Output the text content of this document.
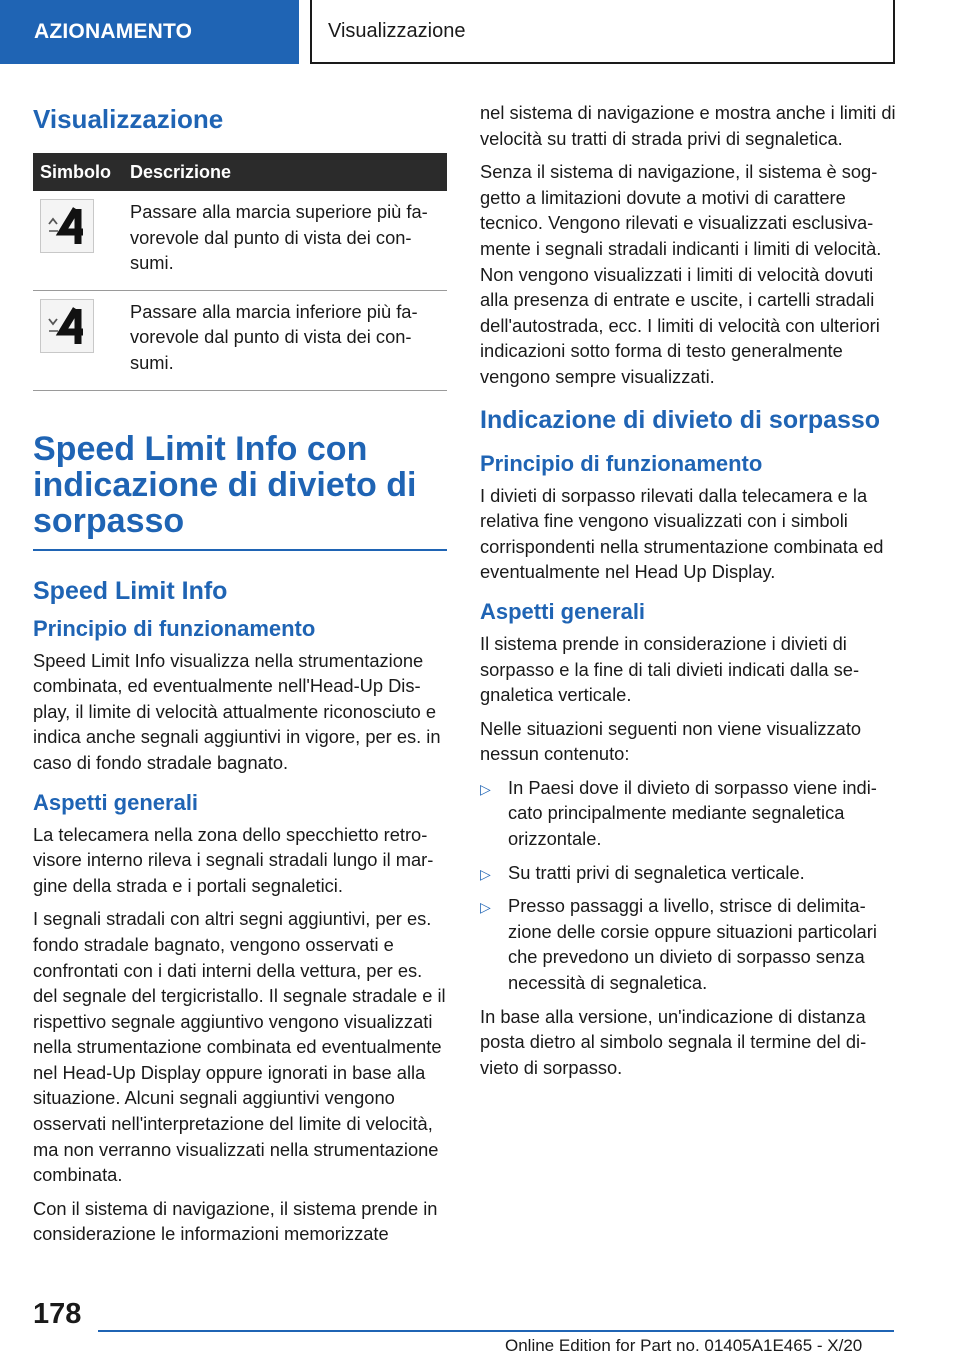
AZIONAMENTO	Visualizzazione
Visualizzazione
Simbolo	Descrizione

	Passare alla marcia superiore più favorevole dal punto di vista dei consumi.

	Passare alla marcia inferiore più favorevole dal punto di vista dei consumi.
Speed Limit Info con indicazione di divieto di sorpasso
Speed Limit Info
Principio di funzionamento

Speed Limit Info visualizza nella strumentazione combinata, ed eventualmente nell'Head-Up Display, il limite di velocità attualmente riconosciuto e indica anche segnali aggiuntivi in vigore, per es. in caso di fondo stradale bagnato.

Aspetti generali

La telecamera nella zona dello specchietto retrovisore interno rileva i segnali stradali lungo il margine della strada e i portali segnaletici.

I segnali stradali con altri segni aggiuntivi, per es. fondo stradale bagnato, vengono osservati e confrontati con i dati interni della vettura, per es. del segnale del tergicristallo. Il segnale stradale e il rispettivo segnale aggiuntivo vengono visualizzati nella strumentazione combinata ed eventualmente nel Head-Up Display oppure ignorati in base alla situazione. Alcuni segnali aggiuntivi vengono osservati nell'interpretazione del limite di velocità, ma non verranno visualizzati nella strumentazione combinata.

Con il sistema di navigazione, il sistema prende in considerazione le informazioni memorizzate

nel sistema di navigazione e mostra anche i limiti di velocità su tratti di strada privi di segnaletica.

Senza il sistema di navigazione, il sistema è soggetto a limitazioni dovute a motivi di carattere tecnico. Vengono rilevati e visualizzati esclusivamente i segnali stradali indicanti i limiti di velocità. Non vengono visualizzati i limiti di velocità dovuti alla presenza di entrate e uscite, i cartelli stradali dell'autostrada, ecc. I limiti di velocità con ulteriori indicazioni sotto forma di testo generalmente vengono sempre visualizzati.

Indicazione di divieto di sorpasso
Principio di funzionamento

I divieti di sorpasso rilevati dalla telecamera e la relativa fine vengono visualizzati con i simboli corrispondenti nella strumentazione combinata ed eventualmente nel Head Up Display.

Aspetti generali

Il sistema prende in considerazione i divieti di sorpasso e la fine di tali divieti indicati dalla segnaletica verticale.

Nelle situazioni seguenti non viene visualizzato nessun contenuto:

▷ In Paesi dove il divieto di sorpasso viene indicato principalmente mediante segnaletica orizzontale.
▷ Su tratti privi di segnaletica verticale.
▷ Presso passaggi a livello, strisce di delimitazione delle corsie oppure situazioni particolari che prevedono un divieto di sorpasso senza necessità di segnaletica.

In base alla versione, un'indicazione di distanza posta dietro al simbolo segnala il termine del divieto di sorpasso.

178
Online Edition for Part no. 01405A1E465 - X/20
